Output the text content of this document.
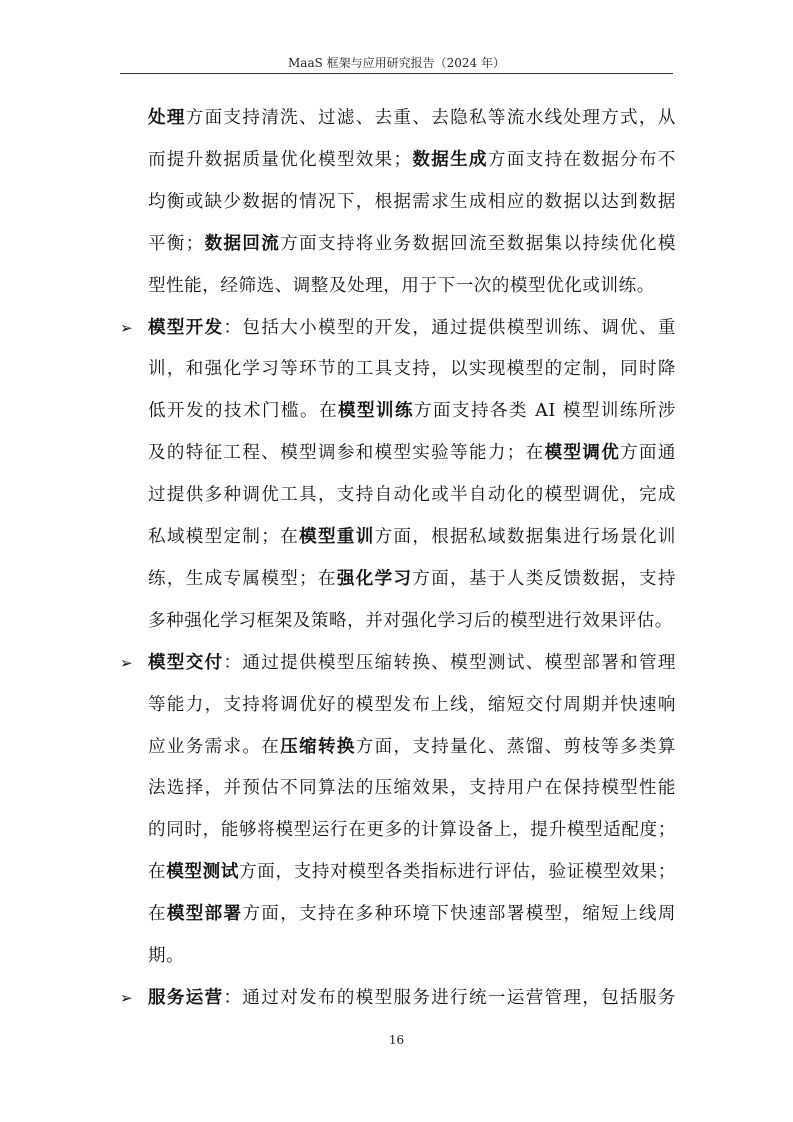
MaaS 框架与应用研究报告（2024 年）
处理方面支持清洗、过滤、去重、去隐私等流水线处理方式，从
而提升数据质量优化模型效果；数据生成方面支持在数据分布不
均衡或缺少数据的情况下，根据需求生成相应的数据以达到数据
平衡；数据回流方面支持将业务数据回流至数据集以持续优化模
型性能，经筛选、调整及处理，用于下一次的模型优化或训练。
➢ 模型开发：包括大小模型的开发，通过提供模型训练、调优、重
训，和强化学习等环节的工具支持，以实现模型的定制，同时降
低开发的技术门槛。在模型训练方面支持各类 AI 模型训练所涉
及的特征工程、模型调参和模型实验等能力；在模型调优方面通
过提供多种调优工具，支持自动化或半自动化的模型调优，完成
私域模型定制；在模型重训方面，根据私域数据集进行场景化训
练，生成专属模型；在强化学习方面，基于人类反馈数据，支持
多种强化学习框架及策略，并对强化学习后的模型进行效果评估。
➢ 模型交付：通过提供模型压缩转换、模型测试、模型部署和管理
等能力，支持将调优好的模型发布上线，缩短交付周期并快速响
应业务需求。在压缩转换方面，支持量化、蒸馏、剪枝等多类算
法选择，并预估不同算法的压缩效果，支持用户在保持模型性能
的同时，能够将模型运行在更多的计算设备上，提升模型适配度；
在模型测试方面，支持对模型各类指标进行评估，验证模型效果；
在模型部署方面，支持在多种环境下快速部署模型，缩短上线周
期。
➢ 服务运营：通过对发布的模型服务进行统一运营管理，包括服务
16
